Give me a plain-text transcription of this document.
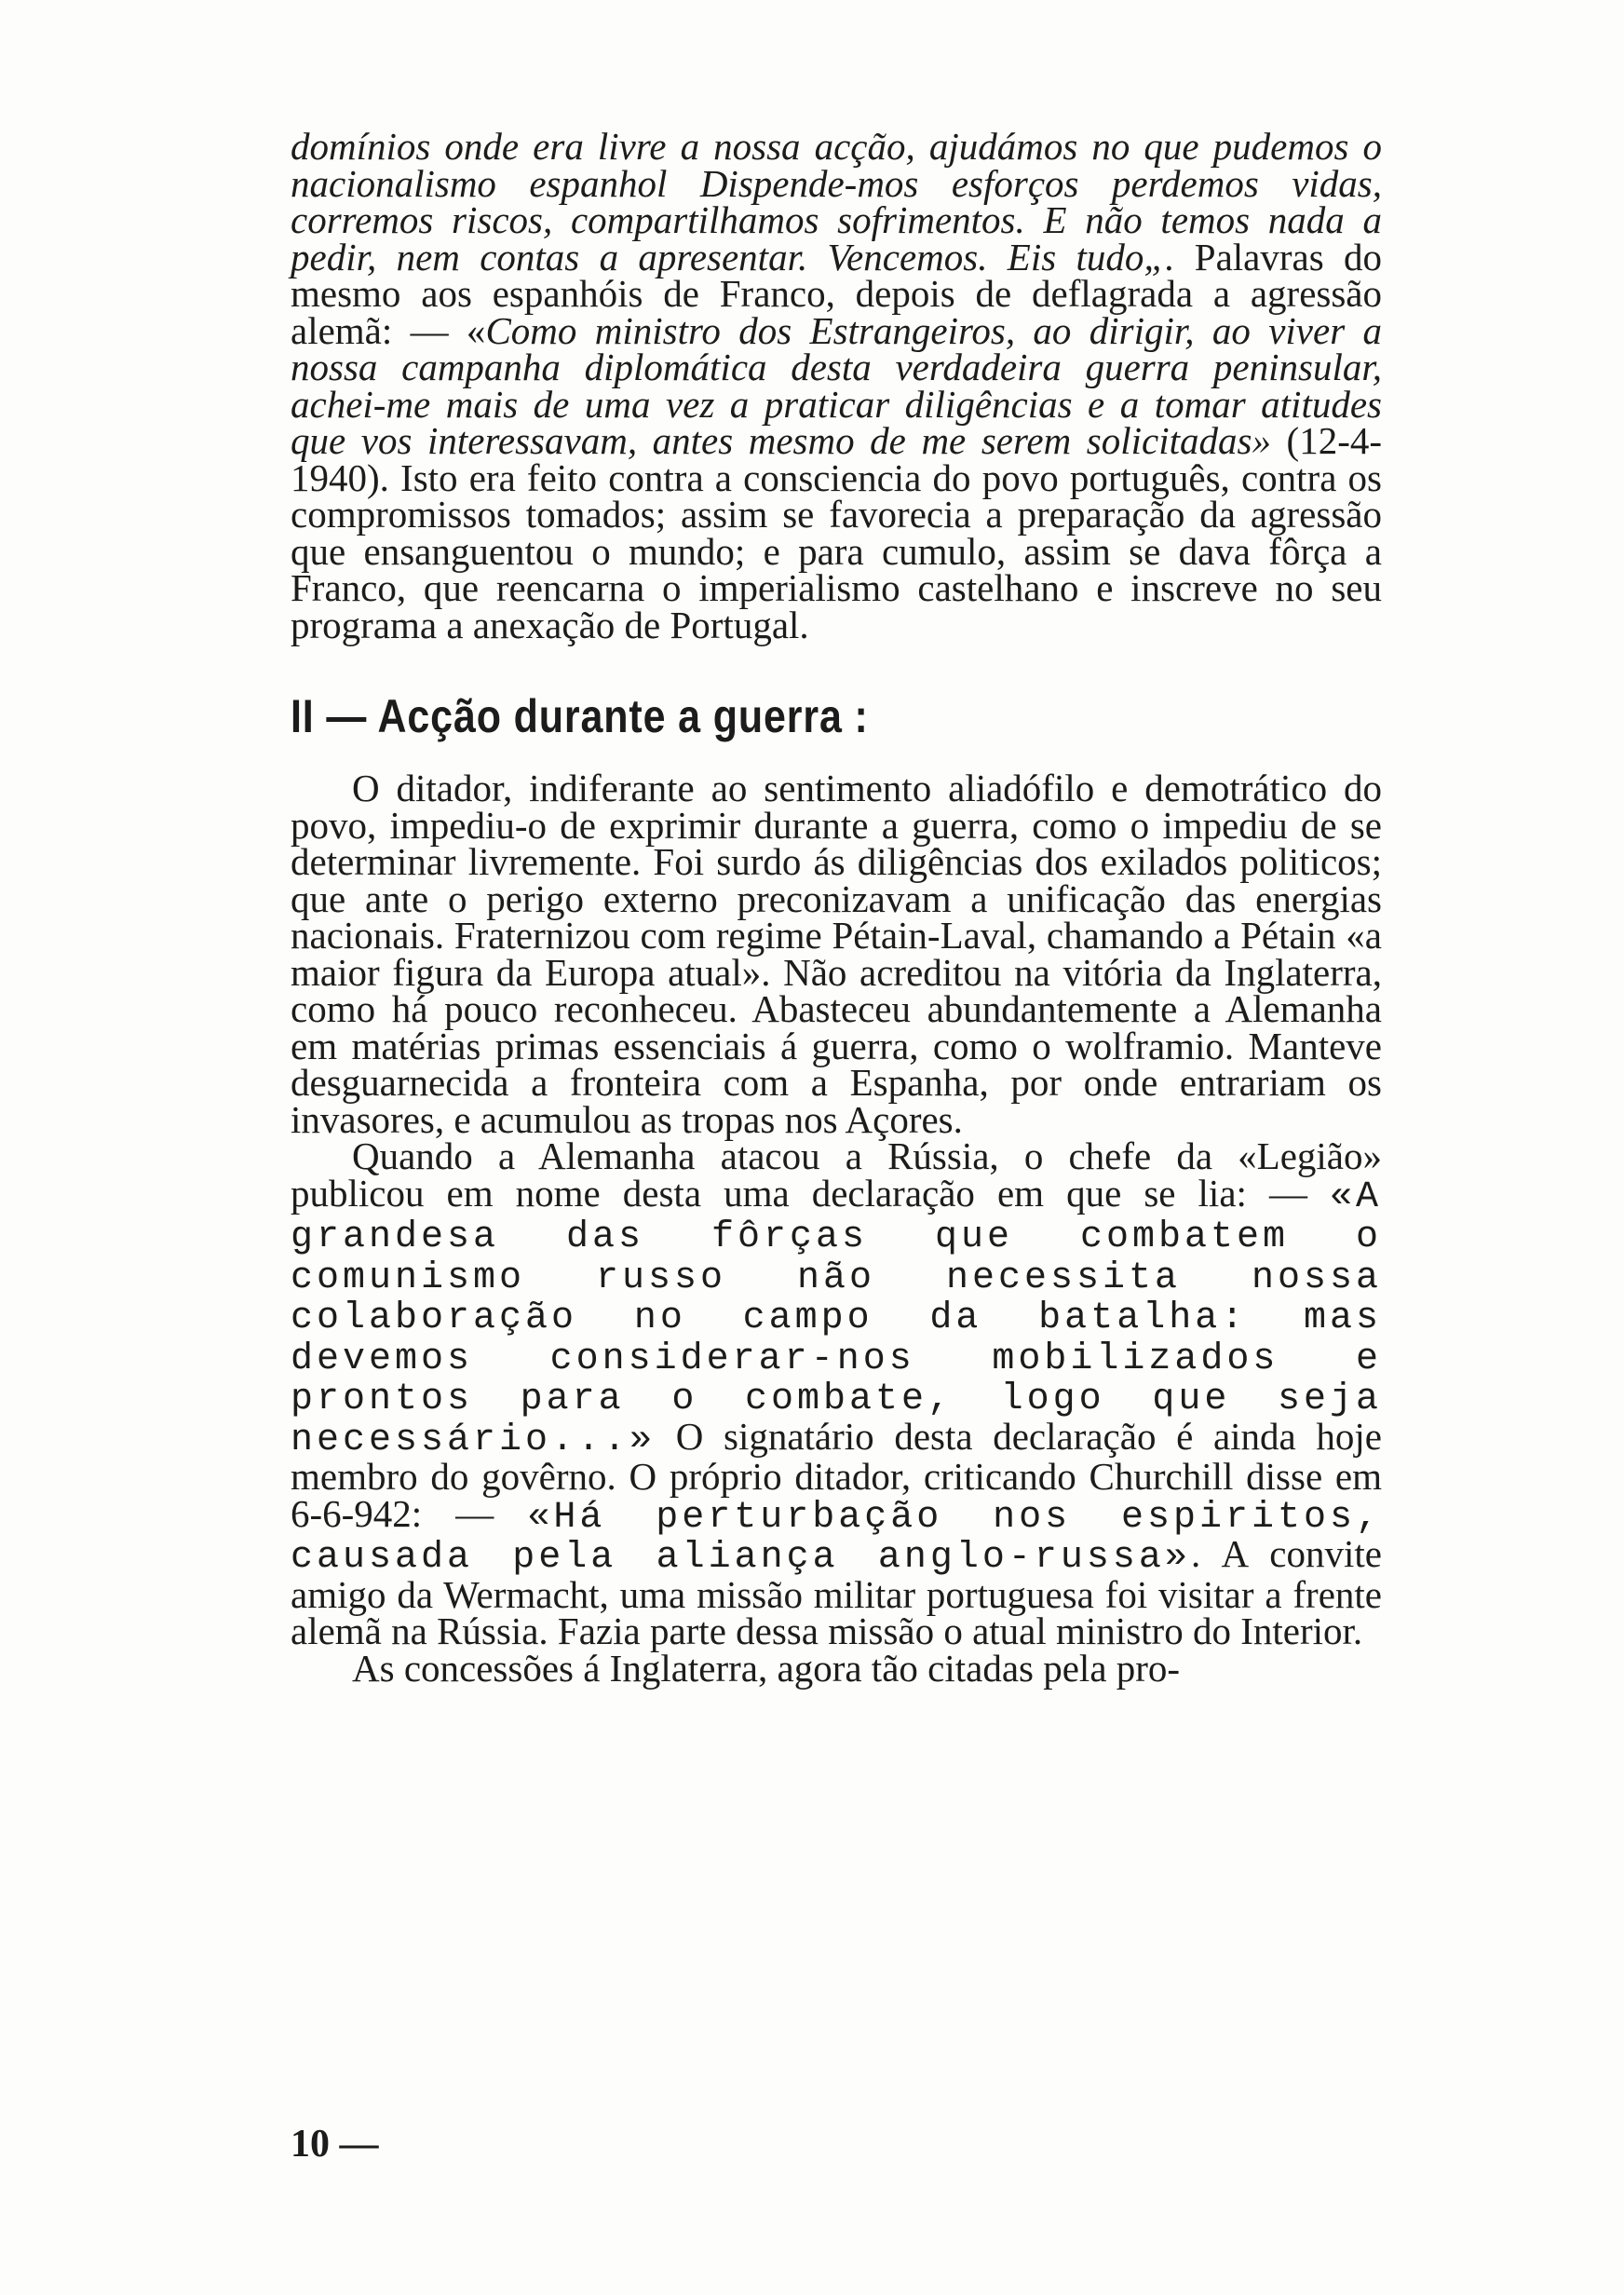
domínios onde era livre a nossa acção, ajudámos no que pudemos o nacionalismo espanhol Dispende-mos esforços perdemos vidas, corremos riscos, compartilhamos sofrimentos. E não temos nada a pedir, nem contas a apresentar. Vencemos. Eis tudo„. Palavras do mesmo aos espanhóis de Franco, depois de deflagrada a agressão alemã: — «Como ministro dos Estrangeiros, ao dirigir, ao viver a nossa campanha diplomática desta verdadeira guerra peninsular, achei-me mais de uma vez a praticar diligências e a tomar atitudes que vos interessavam, antes mesmo de me serem solicitadas» (12-4-1940). Isto era feito contra a consciencia do povo português, contra os compromissos tomados; assim se favorecia a preparação da agressão que ensanguentou o mundo; e para cumulo, assim se dava fôrça a Franco, que reencarna o imperialismo castelhano e inscreve no seu programa a anexação de Portugal.

II — Acção durante a guerra :

O ditador, indiferante ao sentimento aliadófilo e demotrático do povo, impediu-o de exprimir durante a guerra, como o impediu de se determinar livremente. Foi surdo ás diligências dos exilados politicos; que ante o perigo externo preconizavam a unificação das energias nacionais. Fraternizou com regime Pétain-Laval, chamando a Pétain «a maior figura da Europa atual». Não acreditou na vitória da Inglaterra, como há pouco reconheceu. Abasteceu abundantemente a Alemanha em matérias primas essenciais á guerra, como o wolframio. Manteve desguarnecida a fronteira com a Espanha, por onde entrariam os invasores, e acumulou as tropas nos Açores.

Quando a Alemanha atacou a Rússia, o chefe da «Legião» publicou em nome desta uma declaração em que se lia: — «A grandesa das fôrças que combatem o comunismo russo não necessita nossa colaboração no campo da batalha: mas devemos considerar-nos mobilizados e prontos para o combate, logo que seja necessário...» O signatário desta declaração é ainda hoje membro do govêrno. O próprio ditador, criticando Churchill disse em 6-6-942: — «Há perturbação nos espiritos, causada pela aliança anglo-russa». A convite amigo da Wermacht, uma missão militar portuguesa foi visitar a frente alemã na Rússia. Fazia parte dessa missão o atual ministro do Interior.

As concessões á Inglaterra, agora tão citadas pela pro-

10 —
